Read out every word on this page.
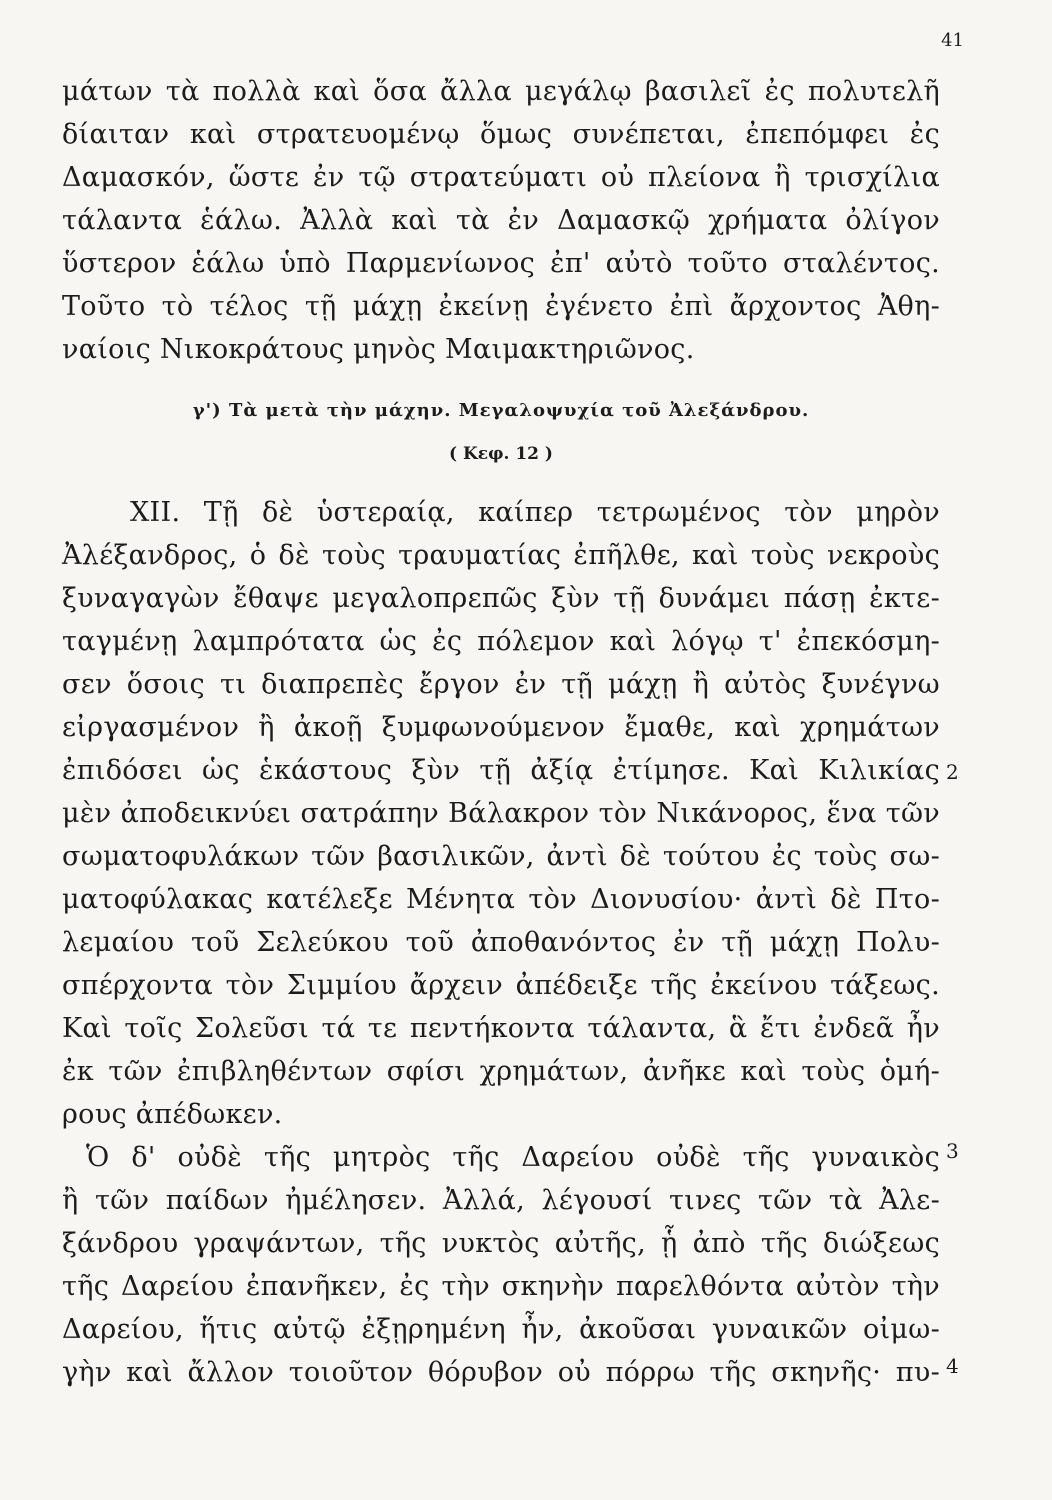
41
μάτων τὰ πολλὰ καὶ ὅσα ἄλλα μεγάλῳ βασιλεῖ ἐς πολυτελῆ
δίαιταν καὶ στρατευομένῳ ὅμως συνέπεται, ἐπεπόμφει ἐς
Δαμασκόν, ὥστε ἐν τῷ στρατεύματι οὐ πλείονα ἢ τρισχίλια
τάλαντα ἑάλω. Ἀλλὰ καὶ τὰ ἐν Δαμασκῷ χρήματα ὀλίγον
ὕστερον ἑάλω ὑπὸ Παρμενίωνος ἐπ' αὐτὸ τοῦτο σταλέντος.
Τοῦτο τὸ τέλος τῇ μάχῃ ἐκείνῃ ἐγένετο ἐπὶ ἄρχοντος Ἀθη-
ναίοις Νικοκράτους μηνὸς Μαιμακτηριῶνος.
γ') Τὰ μετὰ τὴν μάχην. Μεγαλοψυχία τοῦ Ἀλεξάνδρου.
( Κεφ. 12 )
XII. Τῇ δὲ ὑστεραίᾳ, καίπερ τετρωμένος τὸν μηρὸν
Ἀλέξανδρος, ὁ δὲ τοὺς τραυματίας ἐπῆλθε, καὶ τοὺς νεκροὺς
ξυναγαγὼν ἔθαψε μεγαλοπρεπῶς ξὺν τῇ δυνάμει πάσῃ ἐκτε-
ταγμένῃ λαμπρότατα ὡς ἐς πόλεμον καὶ λόγῳ τ' ἐπεκόσμη-
σεν ὅσοις τι διαπρεπὲς ἔργον ἐν τῇ μάχῃ ἢ αὐτὸς ξυνέγνω
εἰργασμένον ἢ ἀκοῇ ξυμφωνούμενον ἔμαθε, καὶ χρημάτων
ἐπιδόσει ὡς ἑκάστους ξὺν τῇ ἀξίᾳ ἐτίμησε. Καὶ Κιλικίας
μὲν ἀποδεικνύει σατράπην Βάλακρον τὸν Νικάνορος, ἕνα τῶν
σωματοφυλάκων τῶν βασιλικῶν, ἀντὶ δὲ τούτου ἐς τοὺς σω-
ματοφύλακας κατέλεξε Μένητα τὸν Διονυσίου· ἀντὶ δὲ Πτο-
λεμαίου τοῦ Σελεύκου τοῦ ἀποθανόντος ἐν τῇ μάχῃ Πολυ-
σπέρχοντα τὸν Σιμμίου ἄρχειν ἀπέδειξε τῆς ἐκείνου τάξεως.
Καὶ τοῖς Σολεῦσι τά τε πεντήκοντα τάλαντα, ἃ ἔτι ἐνδεᾶ ἦν
ἐκ τῶν ἐπιβληθέντων σφίσι χρημάτων, ἀνῆκε καὶ τοὺς ὁμή-
ρους ἀπέδωκεν.
Ὁ δ' οὐδὲ τῆς μητρὸς τῆς Δαρείου οὐδὲ τῆς γυναικὸς
ἢ τῶν παίδων ἠμέλησεν. Ἀλλά, λέγουσί τινες τῶν τὰ Ἀλε-
ξάνδρου γραψάντων, τῆς νυκτὸς αὐτῆς, ᾗ ἀπὸ τῆς διώξεως
τῆς Δαρείου ἐπανῆκεν, ἐς τὴν σκηνὴν παρελθόντα αὐτὸν τὴν
Δαρείου, ἥτις αὐτῷ ἐξῃρημένη ἦν, ἀκοῦσαι γυναικῶν οἰμω-
γὴν καὶ ἄλλον τοιοῦτον θόρυβον οὐ πόρρω τῆς σκηνῆς· πυ-
2
3
4
